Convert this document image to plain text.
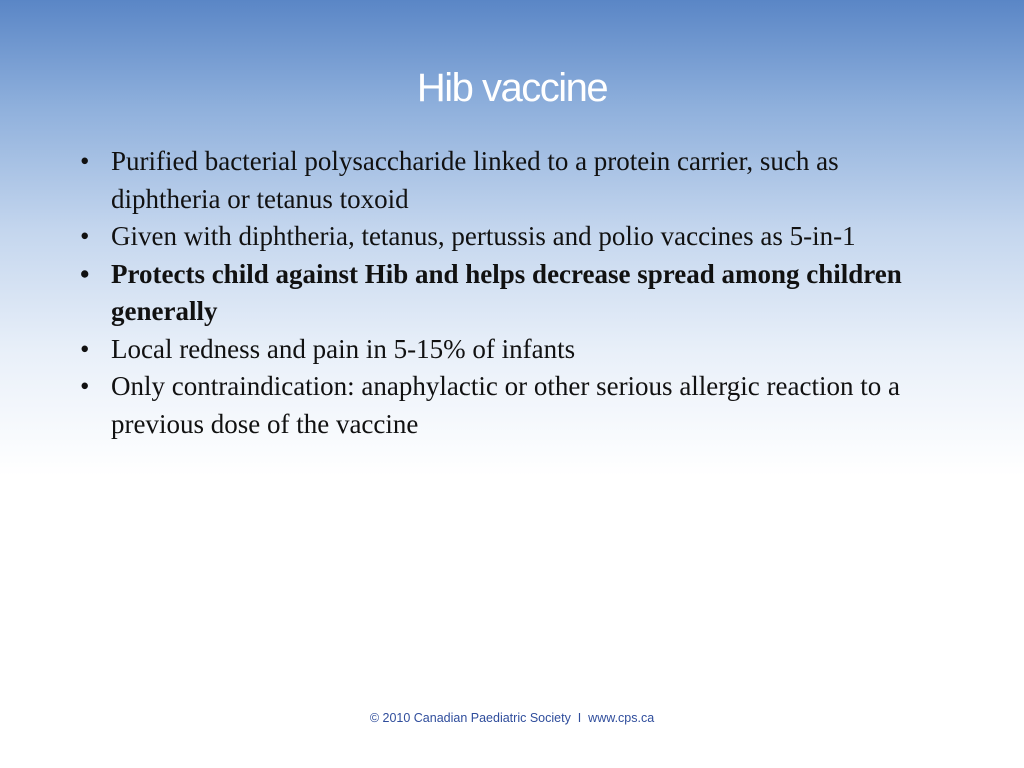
Hib vaccine
• Purified bacterial polysaccharide linked to a protein carrier, such as diphtheria or tetanus toxoid
• Given with diphtheria, tetanus, pertussis and polio vaccines as 5-in-1
• Protects child against Hib and helps decrease spread among children generally
• Local redness and pain in 5-15% of infants
• Only contraindication: anaphylactic or other serious allergic reaction to a previous dose of the vaccine
© 2010 Canadian Paediatric Society  I  www.cps.ca
